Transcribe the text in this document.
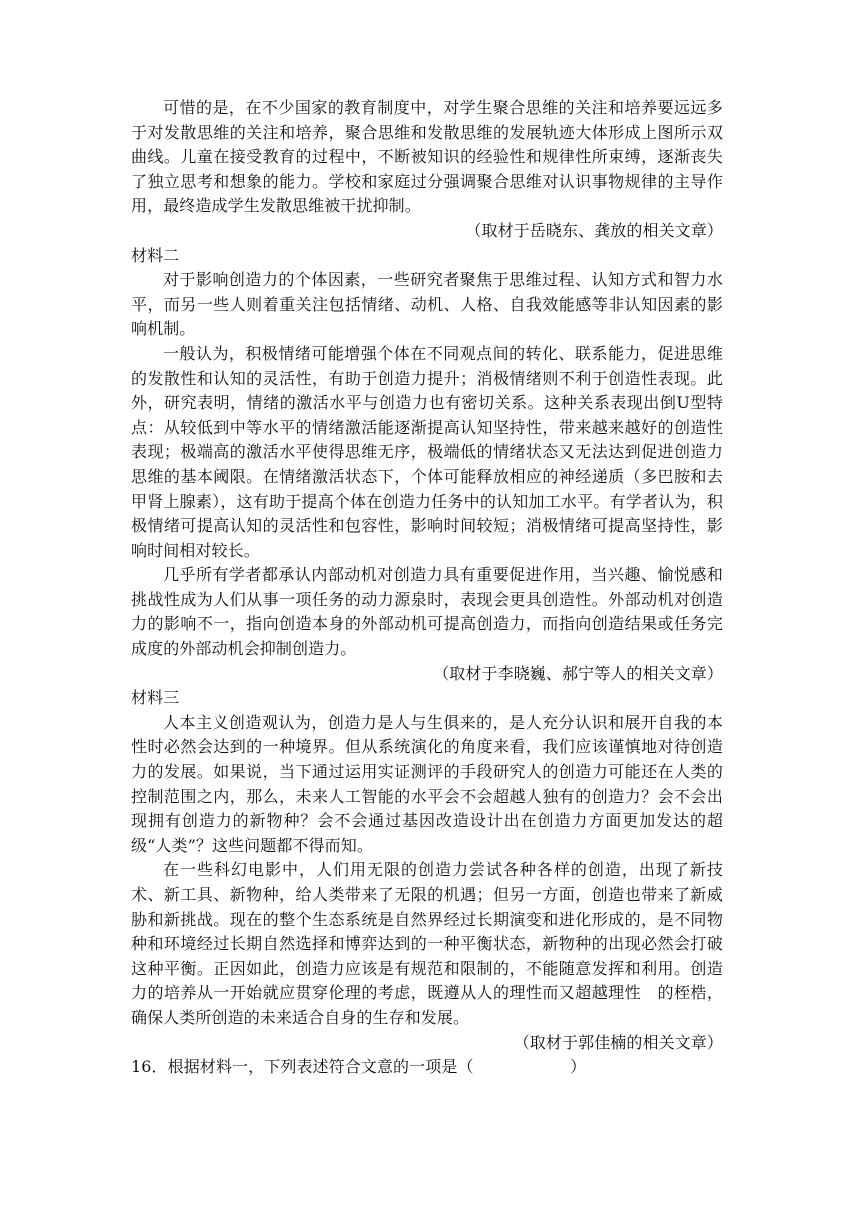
可惜的是，在不少国家的教育制度中，对学生聚合思维的关注和培养要远远多于对发散思维的关注和培养，聚合思维和发散思维的发展轨迹大体形成上图所示双曲线。儿童在接受教育的过程中，不断被知识的经验性和规律性所束缚，逐渐丧失了独立思考和想象的能力。学校和家庭过分强调聚合思维对认识事物规律的主导作用，最终造成学生发散思维被干扰抑制。

（取材于岳晓东、龚放的相关文章）

材料二

对于影响创造力的个体因素，一些研究者聚焦于思维过程、认知方式和智力水平，而另一些人则着重关注包括情绪、动机、人格、自我效能感等非认知因素的影响机制。

一般认为，积极情绪可能增强个体在不同观点间的转化、联系能力，促进思维的发散性和认知的灵活性，有助于创造力提升；消极情绪则不利于创造性表现。此外，研究表明，情绪的激活水平与创造力也有密切关系。这种关系表现出倒U型特点：从较低到中等水平的情绪激活能逐渐提高认知坚持性，带来越来越好的创造性表现；极端高的激活水平使得思维无序，极端低的情绪状态又无法达到促进创造力思维的基本阈限。在情绪激活状态下，个体可能释放相应的神经递质（多巴胺和去甲肾上腺素），这有助于提高个体在创造力任务中的认知加工水平。有学者认为，积极情绪可提高认知的灵活性和包容性，影响时间较短；消极情绪可提高坚持性，影响时间相对较长。

几乎所有学者都承认内部动机对创造力具有重要促进作用，当兴趣、愉悦感和挑战性成为人们从事一项任务的动力源泉时，表现会更具创造性。外部动机对创造力的影响不一，指向创造本身的外部动机可提高创造力，而指向创造结果或任务完成度的外部动机会抑制创造力。

（取材于李晓巍、郝宁等人的相关文章）

材料三

人本主义创造观认为，创造力是人与生俱来的，是人充分认识和展开自我的本性时必然会达到的一种境界。但从系统演化的角度来看，我们应该谨慎地对待创造力的发展。如果说，当下通过运用实证测评的手段研究人的创造力可能还在人类的控制范围之内，那么，未来人工智能的水平会不会超越人独有的创造力？会不会出现拥有创造力的新物种？会不会通过基因改造设计出在创造力方面更加发达的超级“人类”？这些问题都不得而知。

在一些科幻电影中，人们用无限的创造力尝试各种各样的创造，出现了新技术、新工具、新物种，给人类带来了无限的机遇；但另一方面，创造也带来了新威胁和新挑战。现在的整个生态系统是自然界经过长期演变和进化形成的，是不同物种和环境经过长期自然选择和博弈达到的一种平衡状态，新物种的出现必然会打破这种平衡。正因如此，创造力应该是有规范和限制的，不能随意发挥和利用。创造力的培养从一开始就应贯穿伦理的考虑，既遵从人的理性而又超越理性　的桎梏，确保人类所创造的未来适合自身的生存和发展。

（取材于郭佳楠的相关文章）

16．根据材料一，下列表述符合文意的一项是（　　　　　　）
